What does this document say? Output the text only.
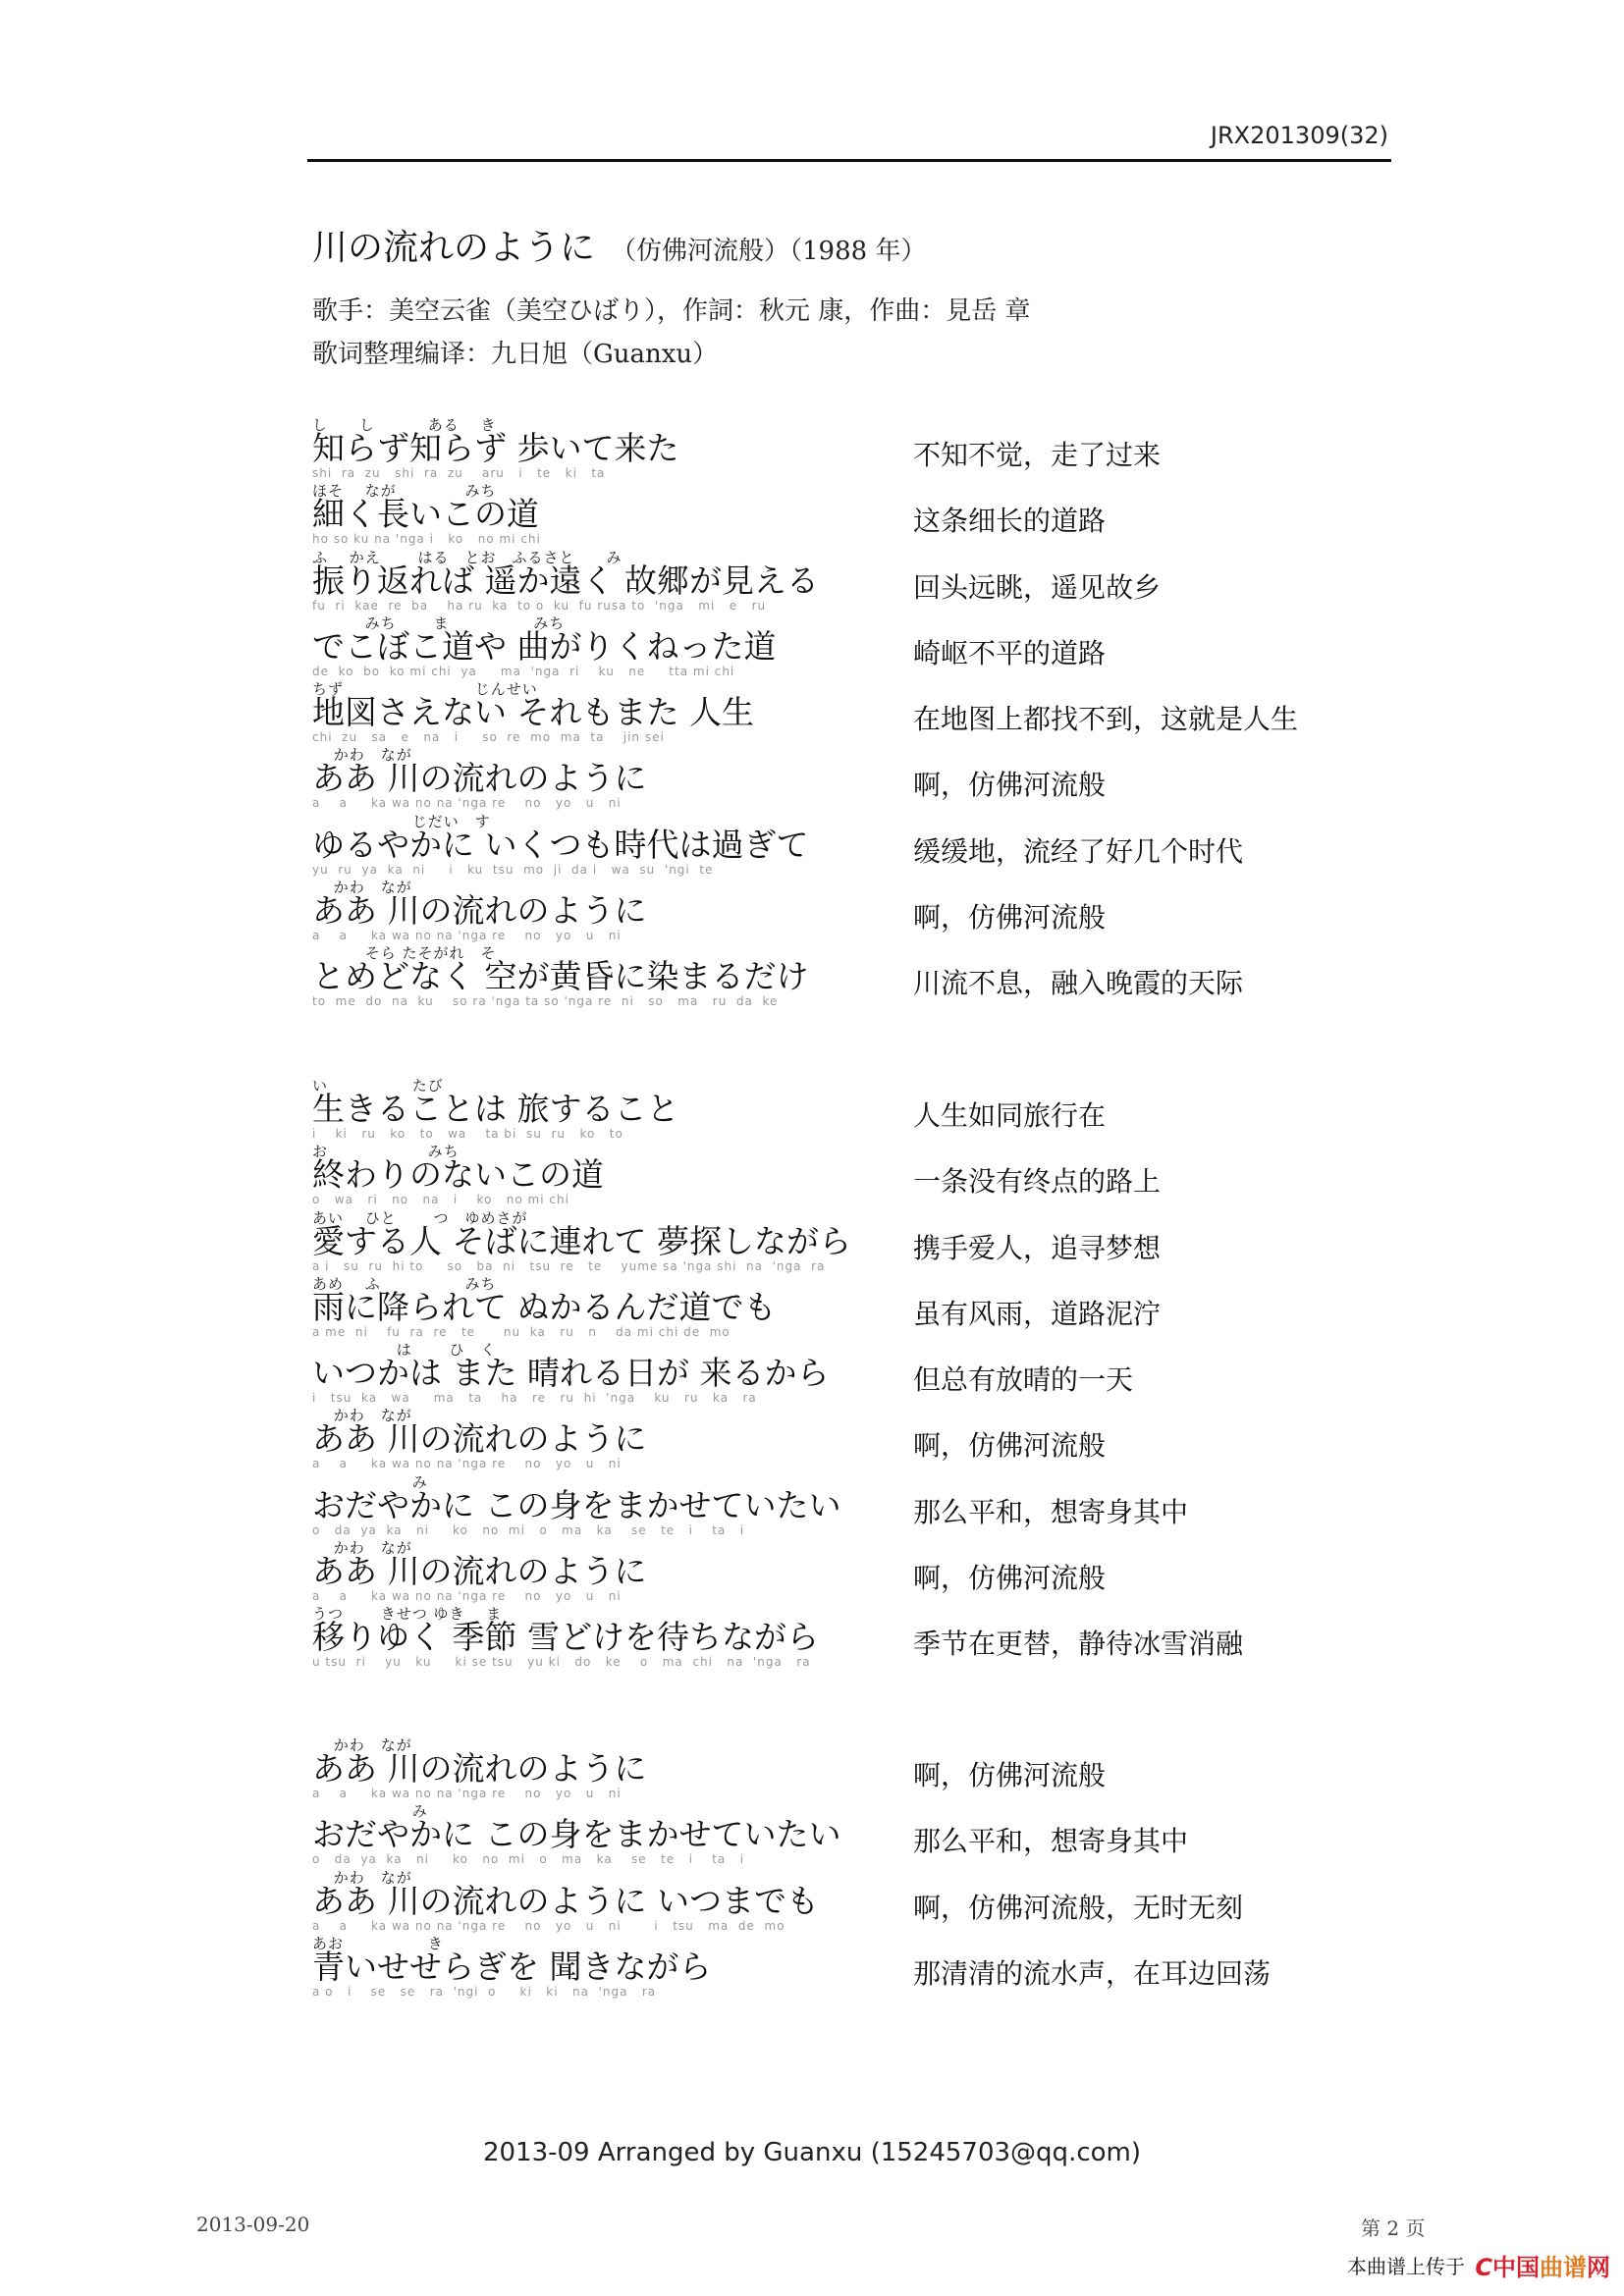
JRX201309(32)
川の流れのように （仿佛河流般）（1988 年）
歌手：美空云雀（美空ひばり），作詞：秋元 康，作曲：見岳 章
歌词整理编译：九日旭（Guanxu）
し　　し　　　 ある　 き
知らず知らず 歩いて来た
shi  ra  zu   shi  ra  zu    aru   i   te   ki   ta
不知不觉，走了过来
ほそ　 なが　　　　 みち
細く長いこの道
ho so ku na 'nga i   ko   no mi chi
这条细长的道路
ふ　 かえ　　 はる　とお　ふるさと　　み
振り返れば 遥か遠く 故郷が見える
fu  ri  kae  re  ba    ha ru  ka  to o  ku  fu rusa to  'nga   mi   e   ru
回头远眺，遥见故乡
　　　 みち　　 ま　　　　　 みち
でこぼこ道や 曲がりくねった道
de  ko  bo  ko mi chi  ya     ma  'nga  ri    ku   ne     tta mi chi
崎岖不平的道路
ちず　　　　　　　　 じんせい
地図さえない それもまた 人生
chi  zu   sa   e   na   i     so  re  mo  ma  ta    jin sei
在地图上都找不到，这就是人生
　 かわ　なが
ああ 川の流れのように
a    a     ka wa no na 'nga re    no   yo   u   ni
啊，仿佛河流般
　　　　　　 じだい　す
ゆるやかに いくつも時代は過ぎて
yu  ru  ya  ka  ni     i   ku  tsu  mo  ji  da i   wa  su  'ngi  te
缓缓地，流经了好几个时代
　 かわ　なが
ああ 川の流れのように
a    a     ka wa no na 'nga re    no   yo   u   ni
啊，仿佛河流般
　　　 そら たそがれ　そ
とめどなく 空が黄昏に染まるだけ
to  me  do  na  ku    so ra 'nga ta so 'nga re  ni   so   ma   ru  da  ke
川流不息，融入晚霞的天际
い　　　　　 たび
生きることは 旅すること
i    ki   ru   ko   to   wa    ta bi  su  ru   ko   to
人生如同旅行在
お　　　　　　 みち
終わりのないこの道
o   wa   ri   no   na   i    ko   no mi chi
一条没有终点的路上
あい　 ひと　　 つ　ゆめさが
愛する人 そばに連れて 夢探しながら
a i   su  ru  hi to     so   ba  ni   tsu  re   te    yume sa 'nga shi  na  'nga  ra
携手爱人，追寻梦想
あめ　 ふ　　　　　 みち
雨に降られて ぬかるんだ道でも
a me  ni    fu  ra  re   te      nu  ka   ru   n    da mi chi de  mo
虽有风雨，道路泥泞
　　　　　 は　　 ひ　く
いつかは また 晴れる日が 来るから
i   tsu  ka   wa     ma   ta    ha   re   ru  hi  'nga    ku   ru   ka   ra
但总有放晴的一天
　 かわ　なが
ああ 川の流れのように
a    a     ka wa no na 'nga re    no   yo   u   ni
啊，仿佛河流般
　　　　　　 み
おだやかに この身をまかせていたい
o   da  ya  ka   ni     ko   no  mi   o   ma   ka    se   te   i    ta   i
那么平和，想寄身其中
　 かわ　なが
ああ 川の流れのように
a    a     ka wa no na 'nga re    no   yo   u   ni
啊，仿佛河流般
うつ　　 きせつ ゆき　 ま
移りゆく 季節 雪どけを待ちながら
u tsu  ri    yu   ku     ki se tsu   yu ki   do   ke    o   ma  chi   na  'nga   ra
季节在更替，静待冰雪消融
　 かわ　なが
ああ 川の流れのように
a    a     ka wa no na 'nga re    no   yo   u   ni
啊，仿佛河流般
　　　　　　 み
おだやかに この身をまかせていたい
o   da  ya  ka   ni     ko   no  mi   o   ma   ka    se   te   i    ta   i
那么平和，想寄身其中
　 かわ　なが
ああ 川の流れのように いつまでも
a    a     ka wa no na 'nga re    no   yo   u   ni       i   tsu   ma  de  mo
啊，仿佛河流般，无时无刻
あお　　　　　 き
青いせせらぎを 聞きながら
a o   i    se   se   ra  'ngi  o     ki   ki   na  'nga   ra
那清清的流水声，在耳边回荡
2013-09 Arranged by Guanxu (15245703@qq.com)
2013-09-20	第 2 页
本曲谱上传于 C中国曲谱网
